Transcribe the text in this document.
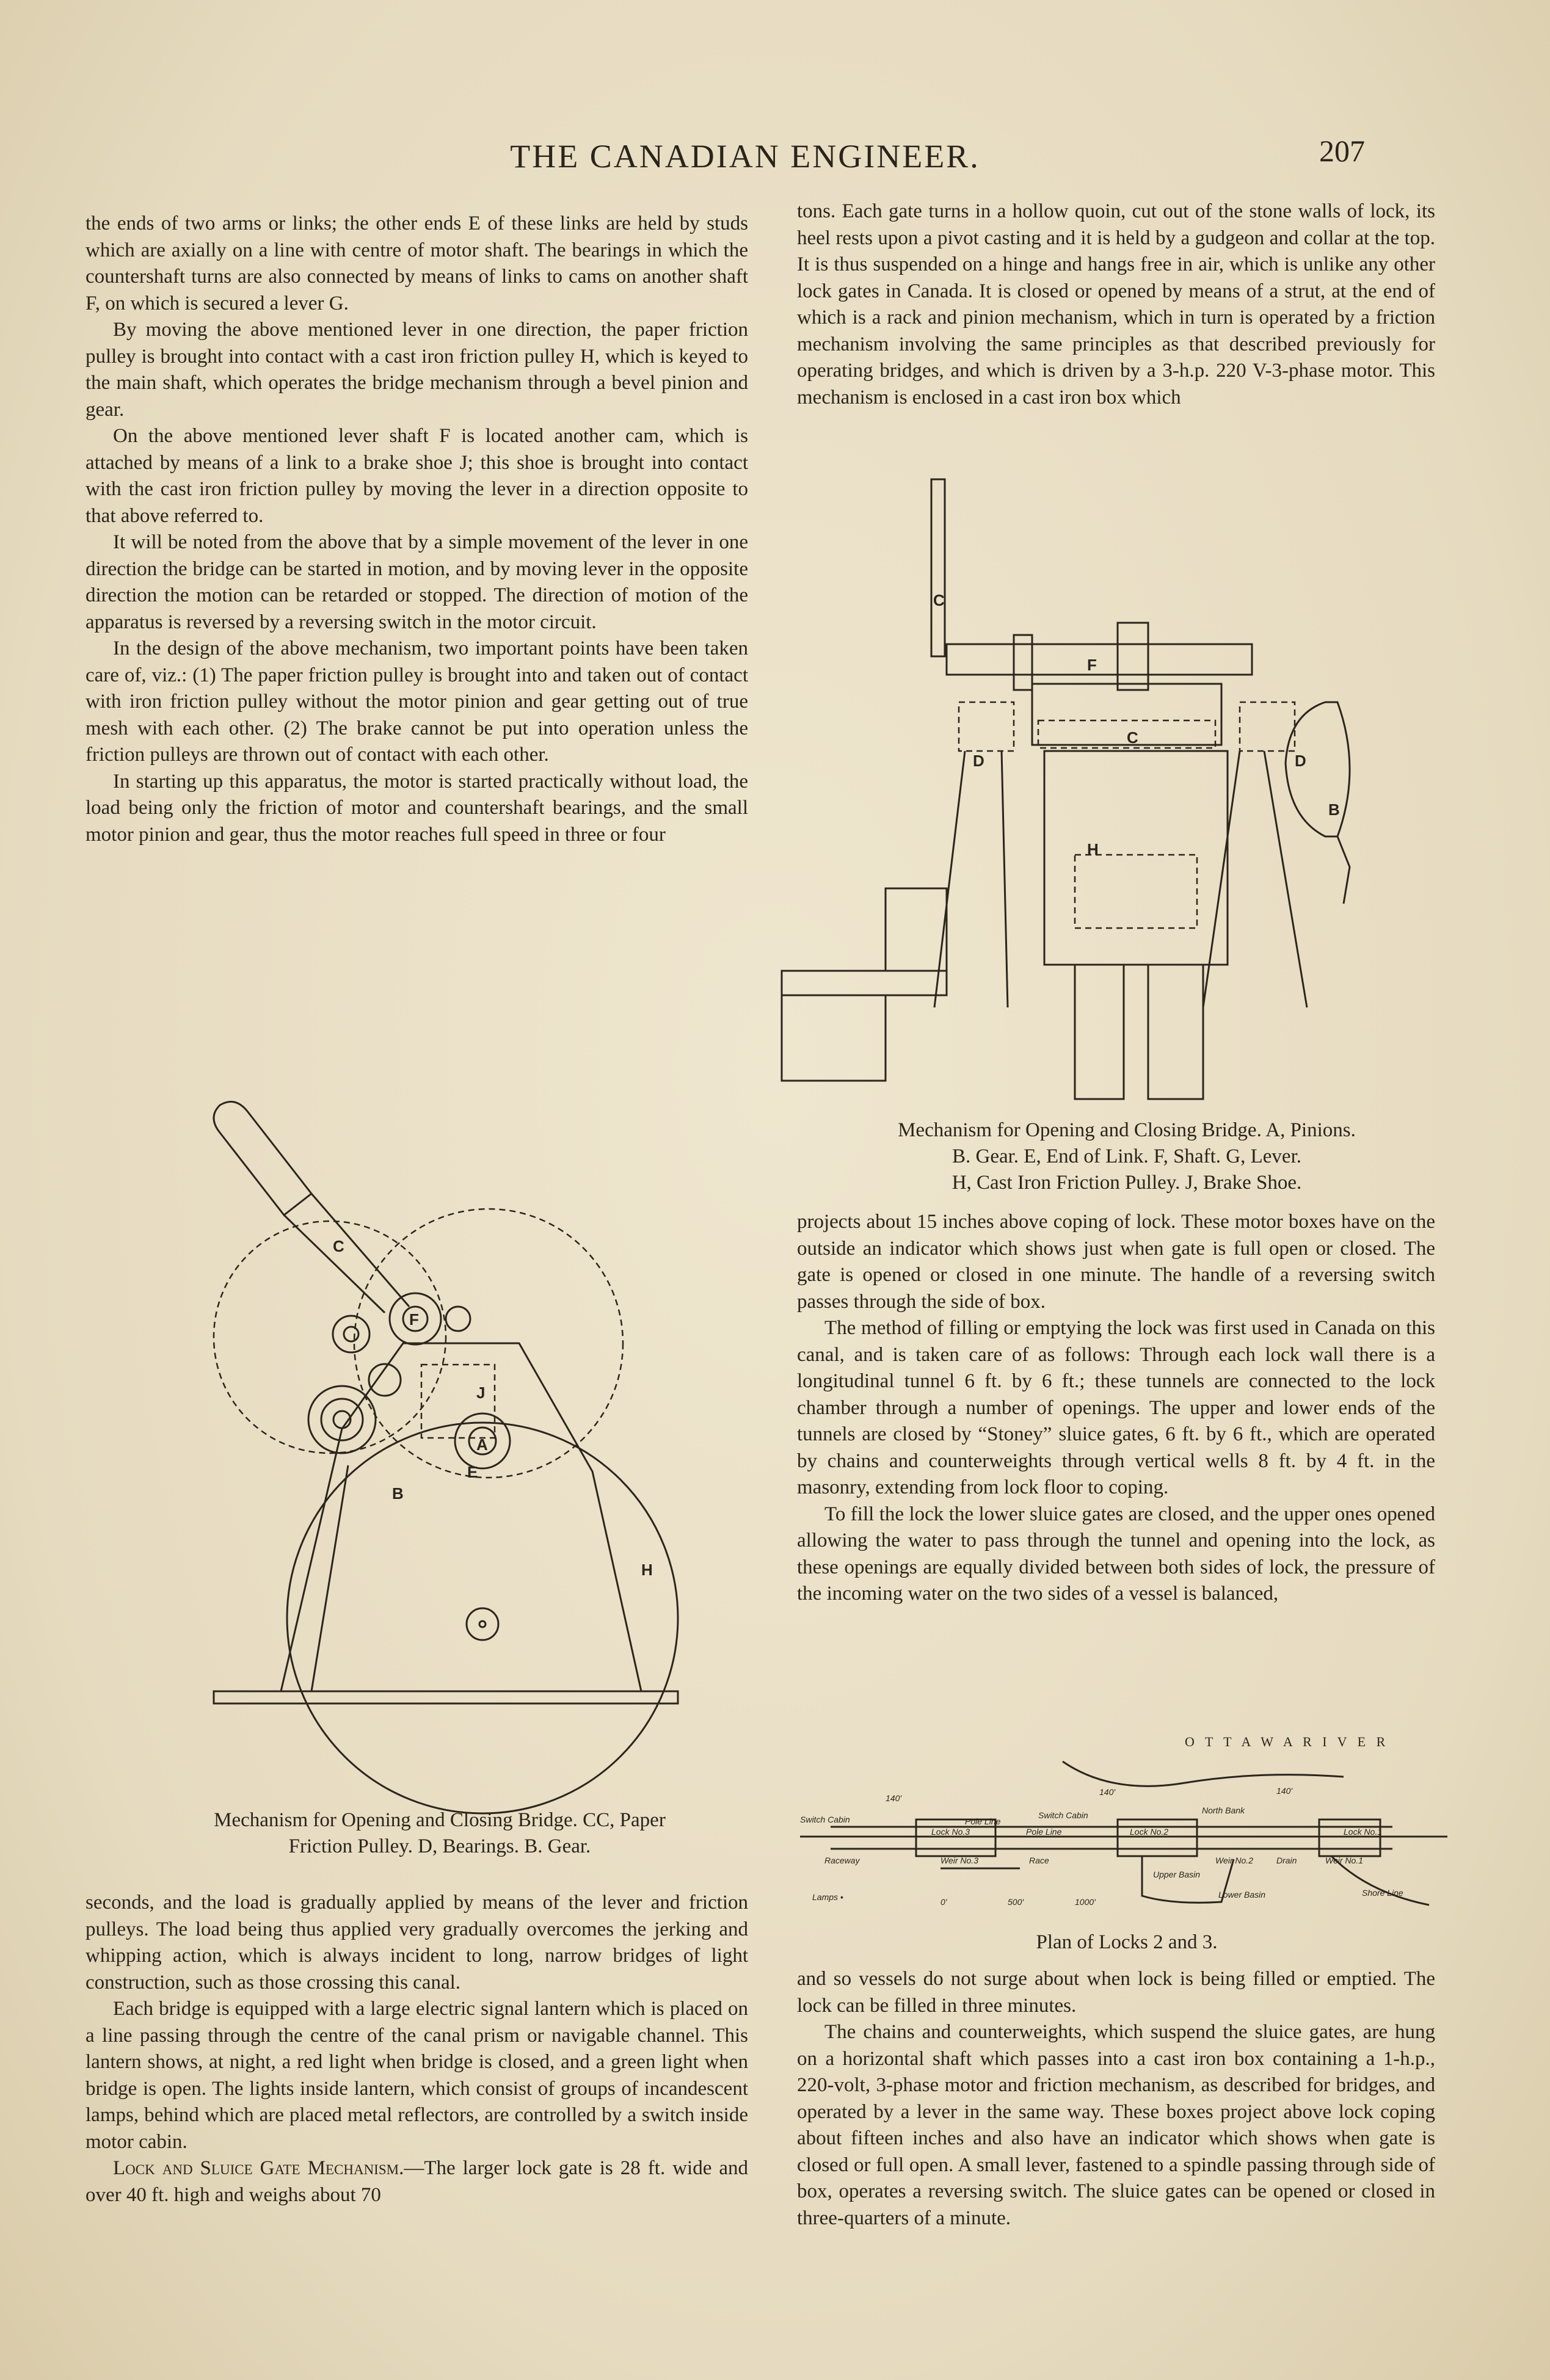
THE CANADIAN ENGINEER.	207

the ends of two arms or links; the other ends E of these links are held by studs which are axially on a line with centre of motor shaft. The bearings in which the countershaft turns are also connected by means of links to cams on another shaft F, on which is secured a lever G.

By moving the above mentioned lever in one direction, the paper friction pulley is brought into contact with a cast iron friction pulley H, which is keyed to the main shaft, which operates the bridge mechanism through a bevel pinion and gear.

On the above mentioned lever shaft F is located another cam, which is attached by means of a link to a brake shoe J; this shoe is brought into contact with the cast iron friction pulley by moving the lever in a direction opposite to that above referred to.

It will be noted from the above that by a simple movement of the lever in one direction the bridge can be started in motion, and by moving lever in the opposite direction the motion can be retarded or stopped. The direction of motion of the apparatus is reversed by a reversing switch in the motor circuit.

In the design of the above mechanism, two important points have been taken care of, viz.: (1) The paper friction pulley is brought into and taken out of contact with iron friction pulley without the motor pinion and gear getting out of true mesh with each other. (2) The brake cannot be put into operation unless the friction pulleys are thrown out of contact with each other.

In starting up this apparatus, the motor is started practically without load, the load being only the friction of motor and countershaft bearings, and the small motor pinion and gear, thus the motor reaches full speed in three or four

C
F
J
A
E
B
H
Mechanism for Opening and Closing Bridge. CC, Paper
Friction Pulley. D, Bearings. B. Gear.

seconds, and the load is gradually applied by means of the lever and friction pulleys. The load being thus applied very gradually overcomes the jerking and whipping action, which is always incident to long, narrow bridges of light construction, such as those crossing this canal.

Each bridge is equipped with a large electric signal lantern which is placed on a line passing through the centre of the canal prism or navigable channel. This lantern shows, at night, a red light when bridge is closed, and a green light when bridge is open. The lights inside lantern, which consist of groups of incandescent lamps, behind which are placed metal reflectors, are controlled by a switch inside motor cabin.

Lock and Sluice Gate Mechanism.—The larger lock gate is 28 ft. wide and over 40 ft. high and weighs about 70

tons. Each gate turns in a hollow quoin, cut out of the stone walls of lock, its heel rests upon a pivot casting and it is held by a gudgeon and collar at the top. It is thus suspended on a hinge and hangs free in air, which is unlike any other lock gates in Canada. It is closed or opened by means of a strut, at the end of which is a rack and pinion mechanism, which in turn is operated by a friction mechanism involving the same principles as that described previously for operating bridges, and which is driven by a 3-h.p. 220 V-3-phase motor. This mechanism is enclosed in a cast iron box which

C
F
C
D	D
B
H
Mechanism for Opening and Closing Bridge. A, Pinions.
B. Gear. E, End of Link. F, Shaft. G, Lever.
H, Cast Iron Friction Pulley. J, Brake Shoe.

projects about 15 inches above coping of lock. These motor boxes have on the outside an indicator which shows just when gate is full open or closed. The gate is opened or closed in one minute. The handle of a reversing switch passes through the side of box.

The method of filling or emptying the lock was first used in Canada on this canal, and is taken care of as follows: Through each lock wall there is a longitudinal tunnel 6 ft. by 6 ft.; these tunnels are connected to the lock chamber through a number of openings. The upper and lower ends of the tunnels are closed by “Stoney” sluice gates, 6 ft. by 6 ft., which are operated by chains and counterweights through vertical wells 8 ft. by 4 ft. in the masonry, extending from lock floor to coping.

To fill the lock the lower sluice gates are closed, and the upper ones opened allowing the water to pass through the tunnel and opening into the lock, as these openings are equally divided between both sides of lock, the pressure of the incoming water on the two sides of a vessel is balanced,

O T T A W A R I V E R
Switch Cabin	Pole Line
Switch Cabin	North Bank
140'
140'	140'
Lock No.3	Pole Line	Lock No.2	Lock No.1
Raceway	Weir No.3	Race
Upper Basin
Weir No.2	Drain	Weir No.1
Lamps •	0'	500'	1000'
Lower Basin	Shore Line
Plan of Locks 2 and 3.

and so vessels do not surge about when lock is being filled or emptied. The lock can be filled in three minutes.

The chains and counterweights, which suspend the sluice gates, are hung on a horizontal shaft which passes into a cast iron box containing a 1-h.p., 220-volt, 3-phase motor and friction mechanism, as described for bridges, and operated by a lever in the same way. These boxes project above lock coping about fifteen inches and also have an indicator which shows when gate is closed or full open. A small lever, fastened to a spindle passing through side of box, operates a reversing switch. The sluice gates can be opened or closed in three-quarters of a minute.
